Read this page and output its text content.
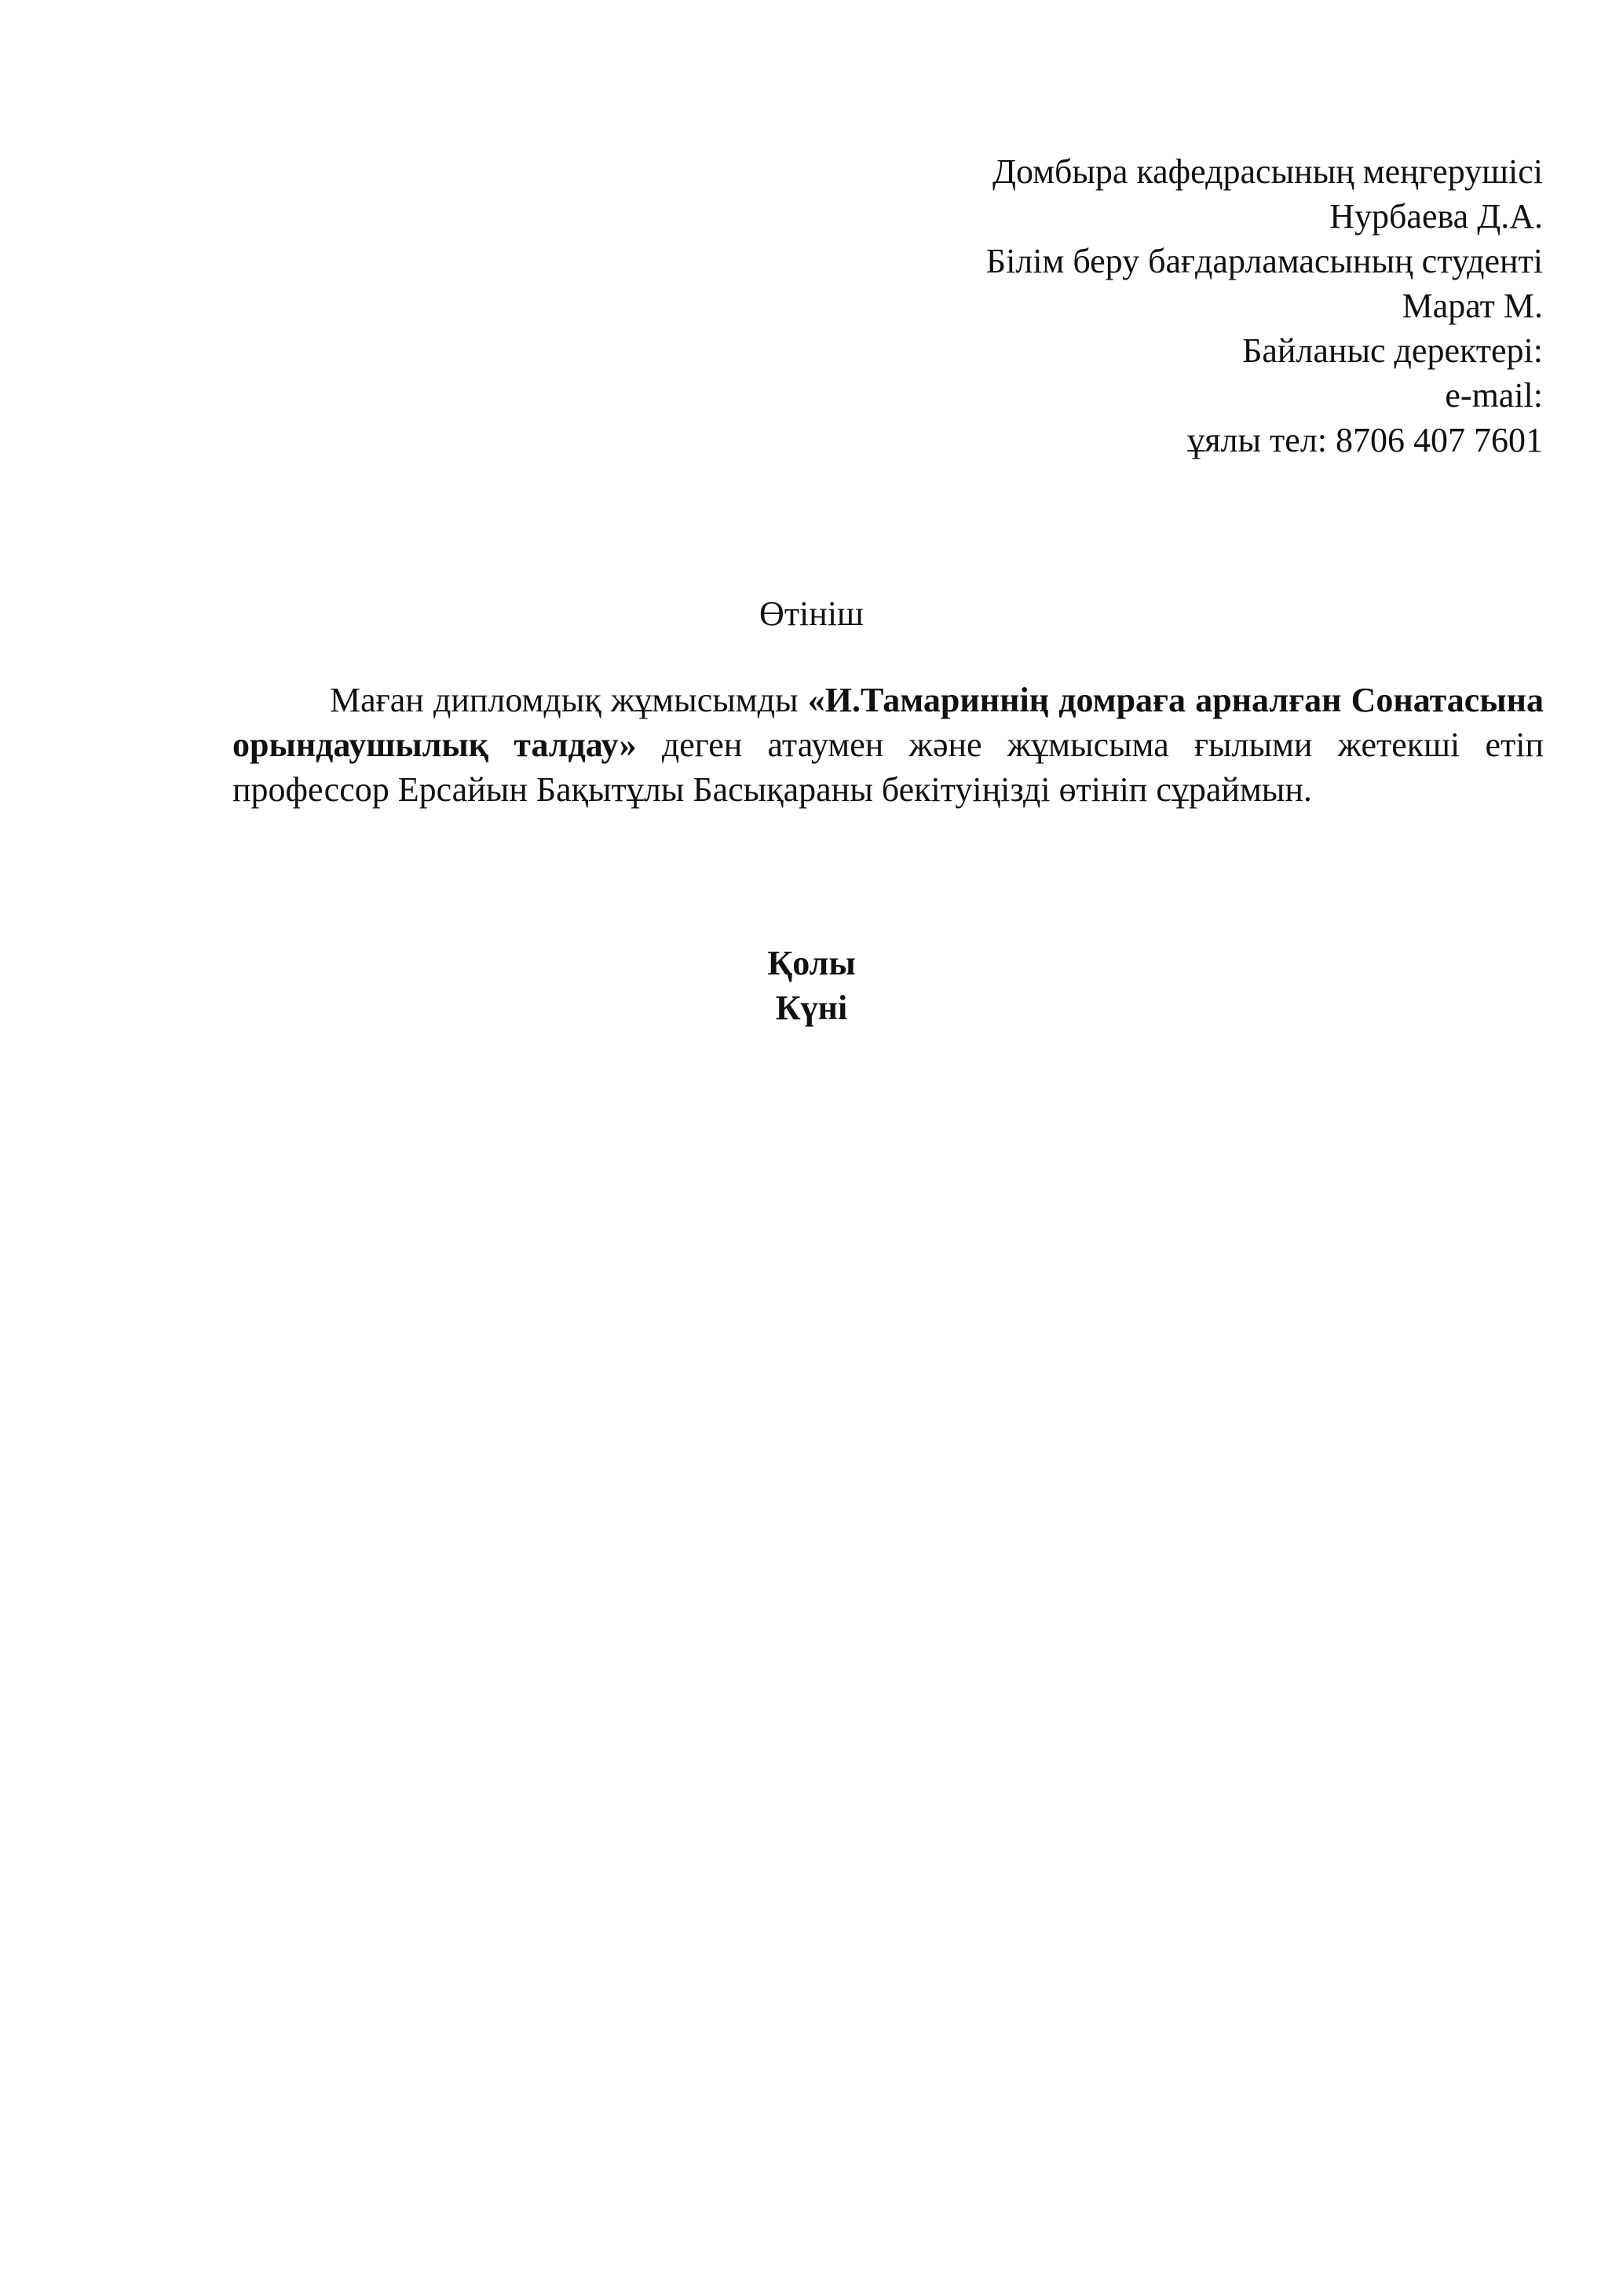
Домбыра кафедрасының меңгерушісі
Нурбаева Д.А.
Білім беру бағдарламасының студенті
Марат М.
Байланыс деректері:
e-mail:
ұялы тел: 8706 407 7601
Өтініш

Маған дипломдық жұмысымды «И.Тамариннің домраға арналған Сонатасына орындаушылық талдау» деген атаумен және жұмысыма ғылыми жетекші етіп профессор Ерсайын Бақытұлы Басықараны бекітуіңізді өтініп сұраймын.

Қолы
Күні
